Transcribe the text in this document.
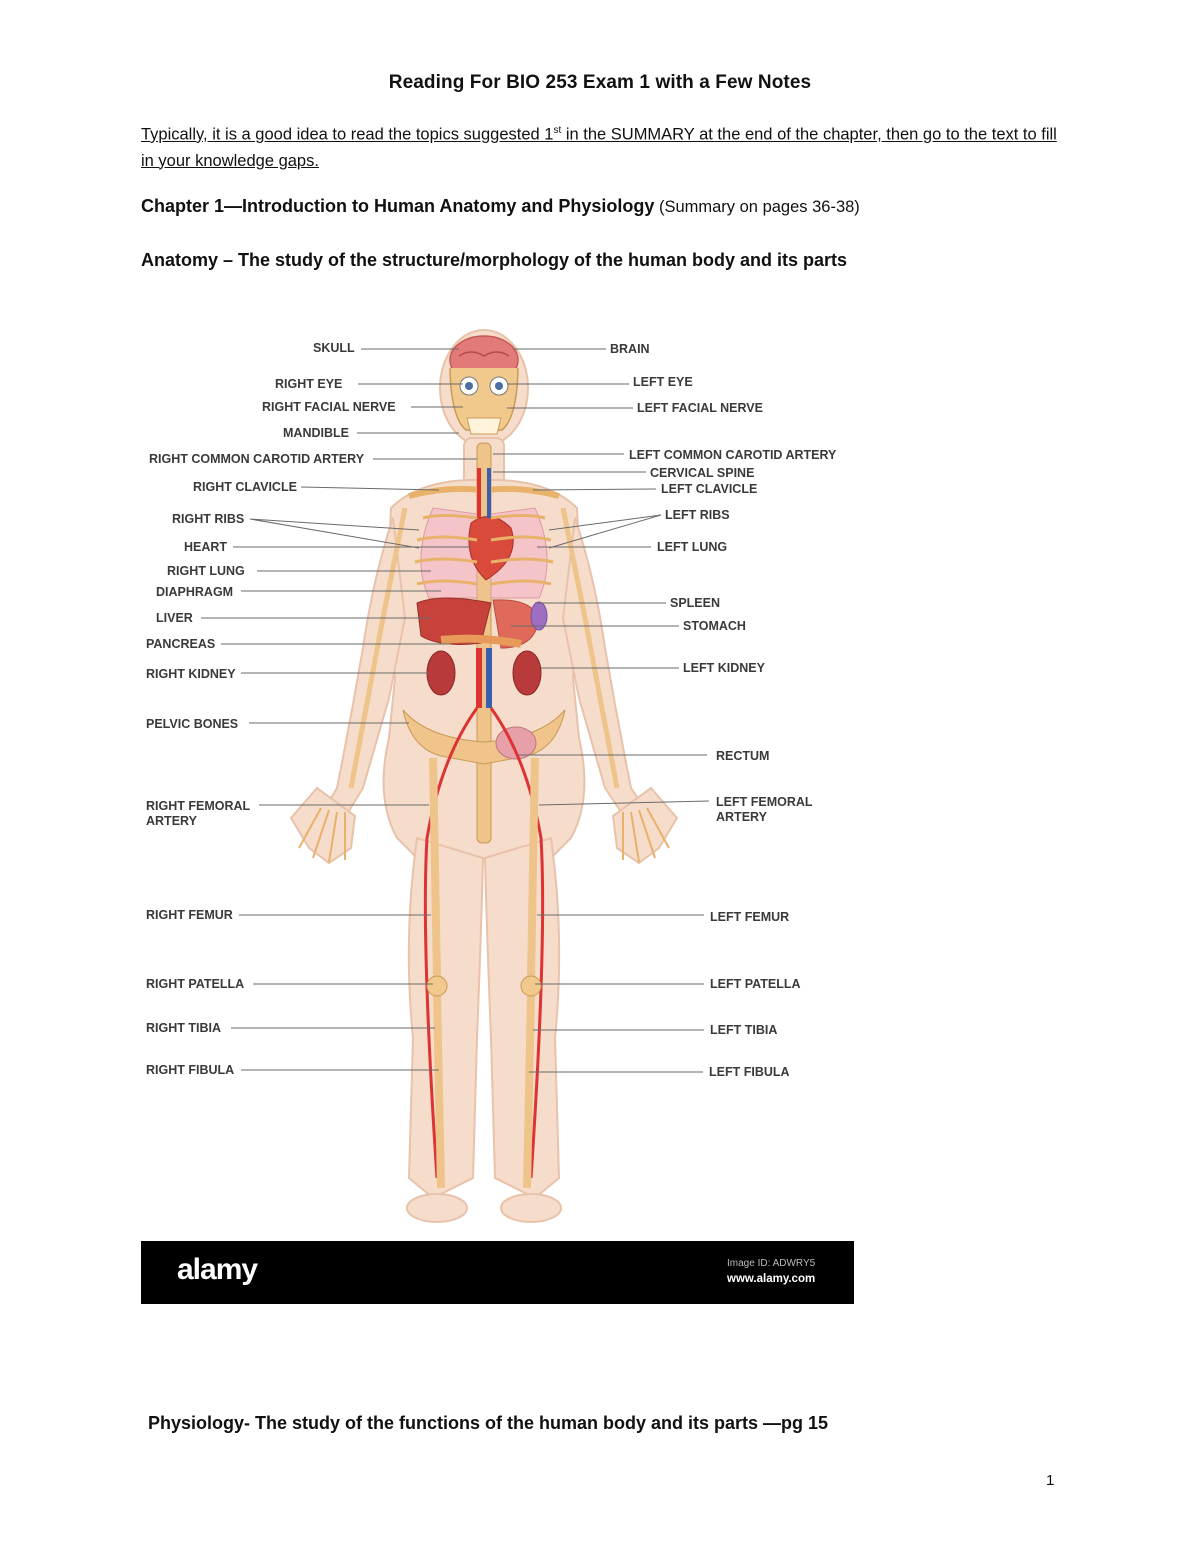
Reading For BIO 253 Exam 1 with a Few Notes
Typically, it is a good idea to read the topics suggested 1st in the SUMMARY at the end of the chapter, then go to the text to fill in your knowledge gaps.
Chapter 1—Introduction to Human Anatomy and Physiology (Summary on pages 36-38)
Anatomy – The study of the structure/morphology of the human body and its parts
SKULL	BRAIN
RIGHT EYE	LEFT EYE
RIGHT FACIAL NERVE	LEFT FACIAL NERVE
MANDIBLE
RIGHT COMMON CAROTID ARTERY	LEFT COMMON CAROTID ARTERY
CERVICAL SPINE
RIGHT CLAVICLE	LEFT CLAVICLE
RIGHT RIBS	LEFT RIBS
HEART	LEFT LUNG
RIGHT LUNG
DIAPHRAGM
SPLEEN
LIVER
STOMACH
PANCREAS
RIGHT KIDNEY	LEFT KIDNEY
PELVIC BONES
RECTUM
RIGHT FEMORAL ARTERY
LEFT FEMORAL ARTERY
RIGHT FEMUR	LEFT FEMUR
RIGHT PATELLA	LEFT PATELLA
RIGHT TIBIA	LEFT TIBIA
RIGHT FIBULA	LEFT FIBULA
alamy	Image ID: ADWRY5
www.alamy.com
Physiology- The study of the functions of the human body and its parts —pg 15
1
